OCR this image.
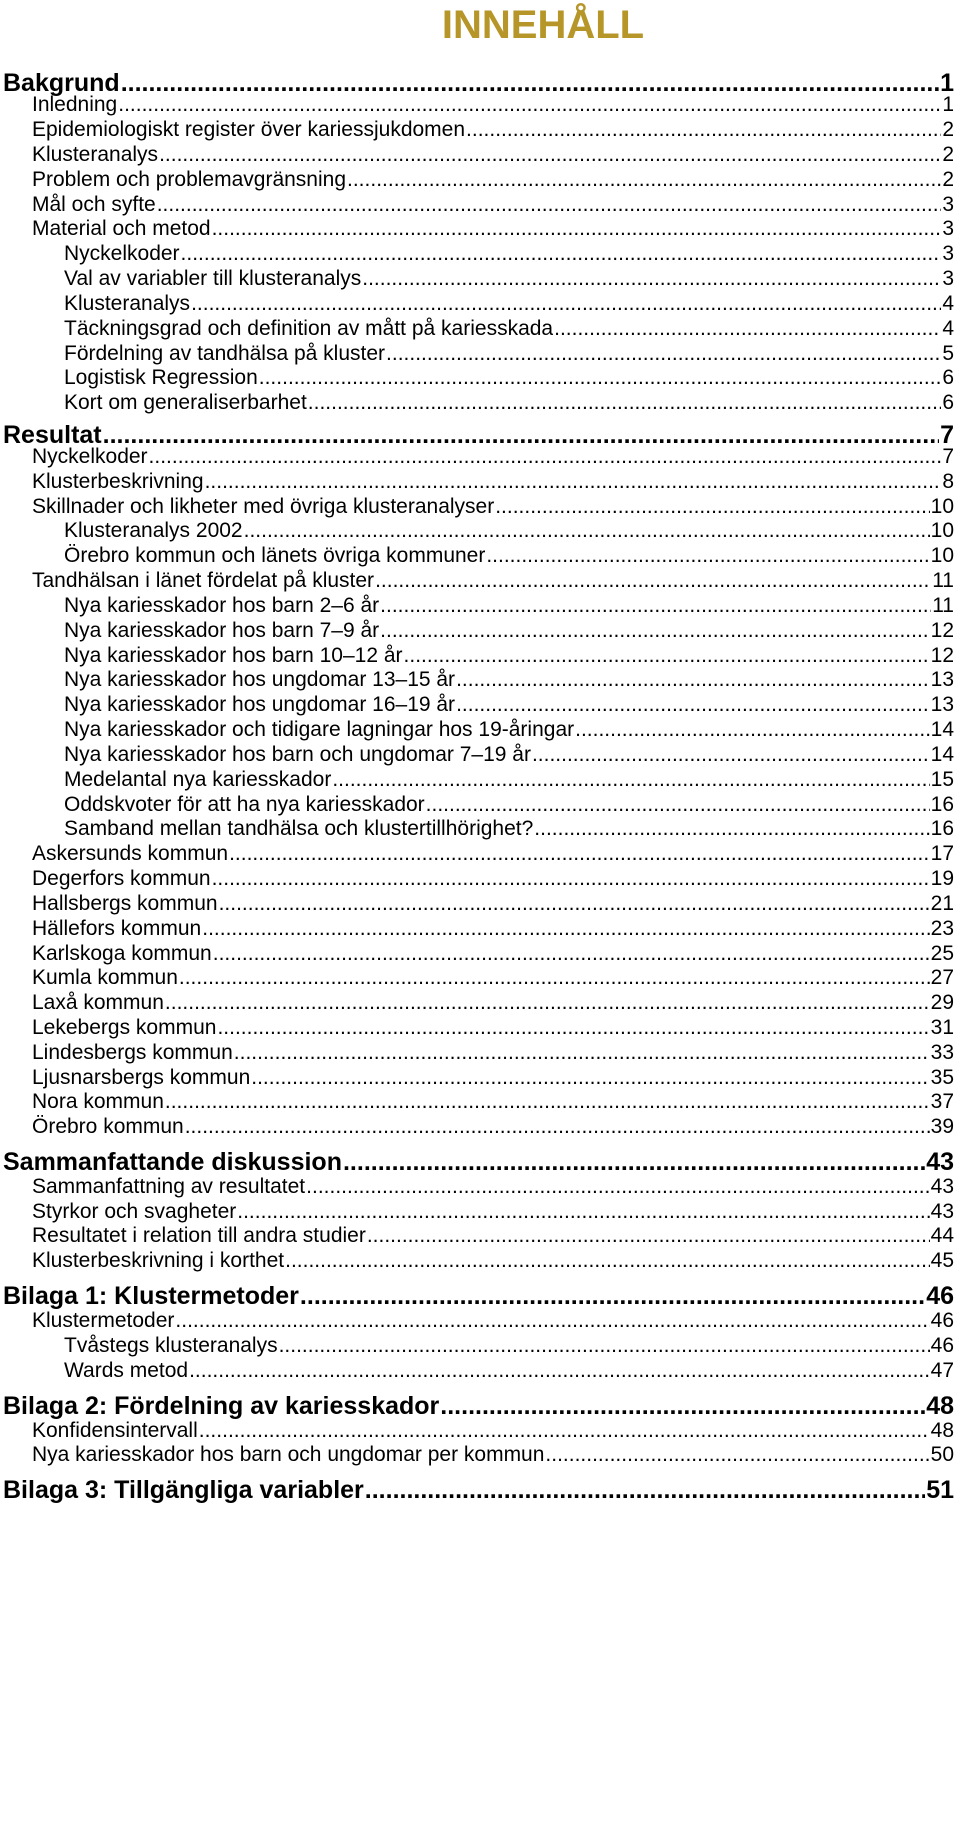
INNEHÅLL
Bakgrund .....	1
Inledning .....	1
Epidemiologiskt register över kariessjukdomen .....	2
Klusteranalys .....	2
Problem och problemavgränsning .....	2
Mål och syfte .....	3
Material och metod .....	3
Nyckelkoder .....	3
Val av variabler till klusteranalys .....	3
Klusteranalys .....	4
Täckningsgrad och definition av mått på kariesskada .....	4
Fördelning av tandhälsa på kluster .....	5
Logistisk Regression .....	6
Kort om generaliserbarhet .....	6
Resultat .....	7
Nyckelkoder .....	7
Klusterbeskrivning .....	8
Skillnader och likheter med övriga klusteranalyser .....	10
Klusteranalys 2002 .....	10
Örebro kommun och länets övriga kommuner .....	10
Tandhälsan i länet fördelat på kluster .....	11
Nya kariesskador hos barn 2–6 år .....	11
Nya kariesskador hos barn 7–9 år .....	12
Nya kariesskador hos barn 10–12 år .....	12
Nya kariesskador hos ungdomar 13–15 år .....	13
Nya kariesskador hos ungdomar 16–19 år .....	13
Nya kariesskador och tidigare lagningar hos 19-åringar .....	14
Nya kariesskador hos barn och ungdomar 7–19 år .....	14
Medelantal nya kariesskador .....	15
Oddskvoter för att ha nya kariesskador .....	16
Samband mellan tandhälsa och klustertillhörighet? .....	16
Askersunds kommun .....	17
Degerfors kommun .....	19
Hallsbergs kommun .....	21
Hällefors kommun .....	23
Karlskoga kommun .....	25
Kumla kommun .....	27
Laxå kommun .....	29
Lekebergs kommun .....	31
Lindesbergs kommun .....	33
Ljusnarsbergs kommun .....	35
Nora kommun .....	37
Örebro kommun .....	39
Sammanfattande diskussion .....	43
Sammanfattning av resultatet .....	43
Styrkor och svagheter .....	43
Resultatet i relation till andra studier .....	44
Klusterbeskrivning i korthet .....	45
Bilaga 1: Klustermetoder .....	46
Klustermetoder .....	46
Tvåstegs klusteranalys .....	46
Wards metod .....	47
Bilaga 2: Fördelning av kariesskador .....	48
Konfidensintervall .....	48
Nya kariesskador hos barn och ungdomar per kommun .....	50
Bilaga 3: Tillgängliga variabler .....	51
